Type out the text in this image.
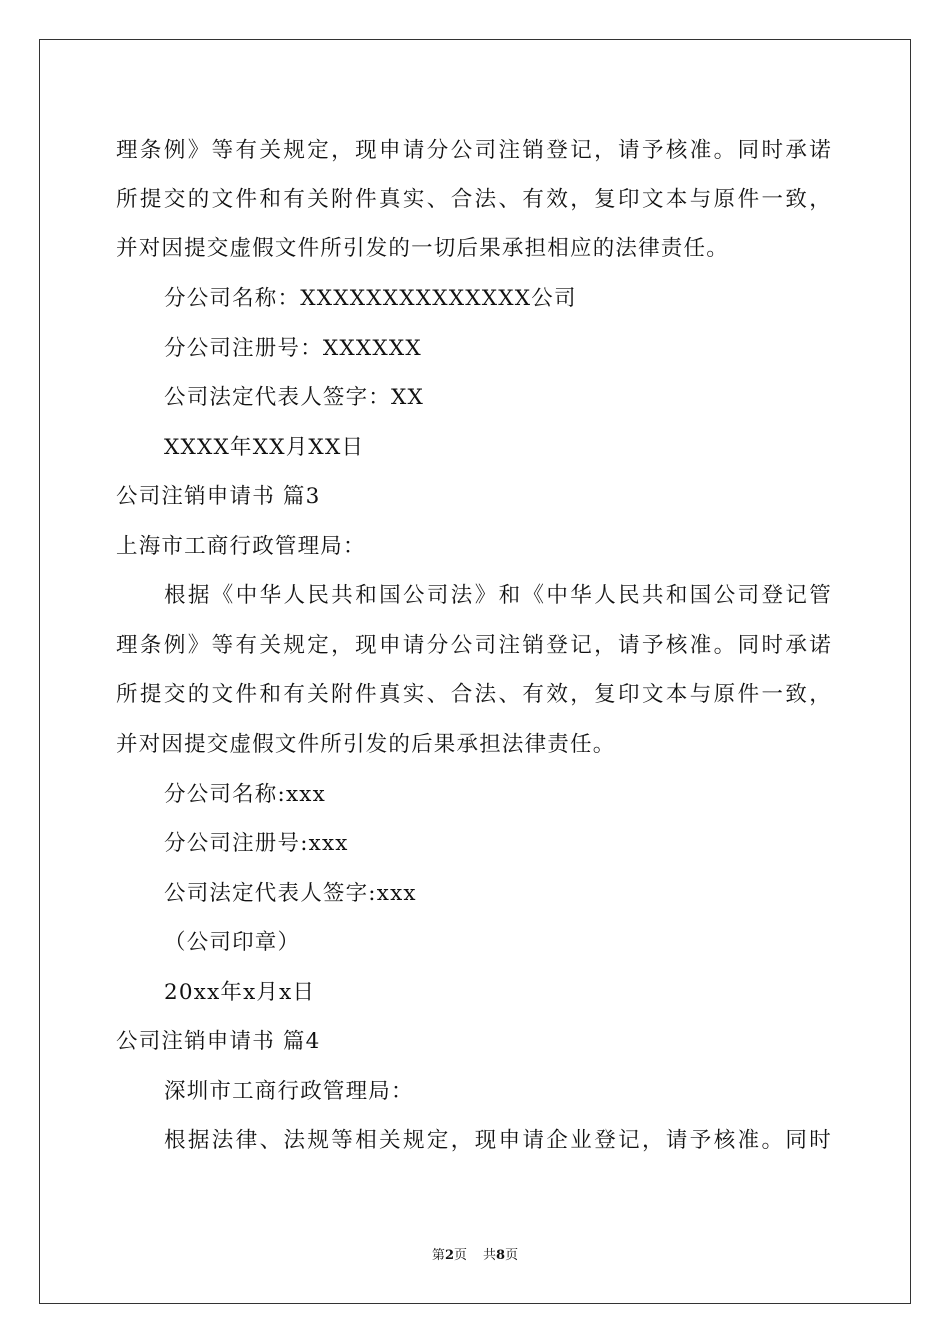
理条例》等有关规定，现申请分公司注销登记，请予核准。同时承诺
所提交的文件和有关附件真实、合法、有效，复印文本与原件一致，
并对因提交虚假文件所引发的一切后果承担相应的法律责任。
分公司名称：XXXXXXXXXXXXXX公司
分公司注册号：XXXXXX
公司法定代表人签字：XX
XXXX年XX月XX日
公司注销申请书 篇3
上海市工商行政管理局：
根据《中华人民共和国公司法》和《中华人民共和国公司登记管
理条例》等有关规定，现申请分公司注销登记，请予核准。同时承诺
所提交的文件和有关附件真实、合法、有效，复印文本与原件一致，
并对因提交虚假文件所引发的后果承担法律责任。
分公司名称:xxx
分公司注册号:xxx
公司法定代表人签字:xxx
（公司印章）
20xx年x月x日
公司注销申请书 篇4
深圳市工商行政管理局：
根据法律、法规等相关规定，现申请企业登记，请予核准。同时
第2页 共8页
